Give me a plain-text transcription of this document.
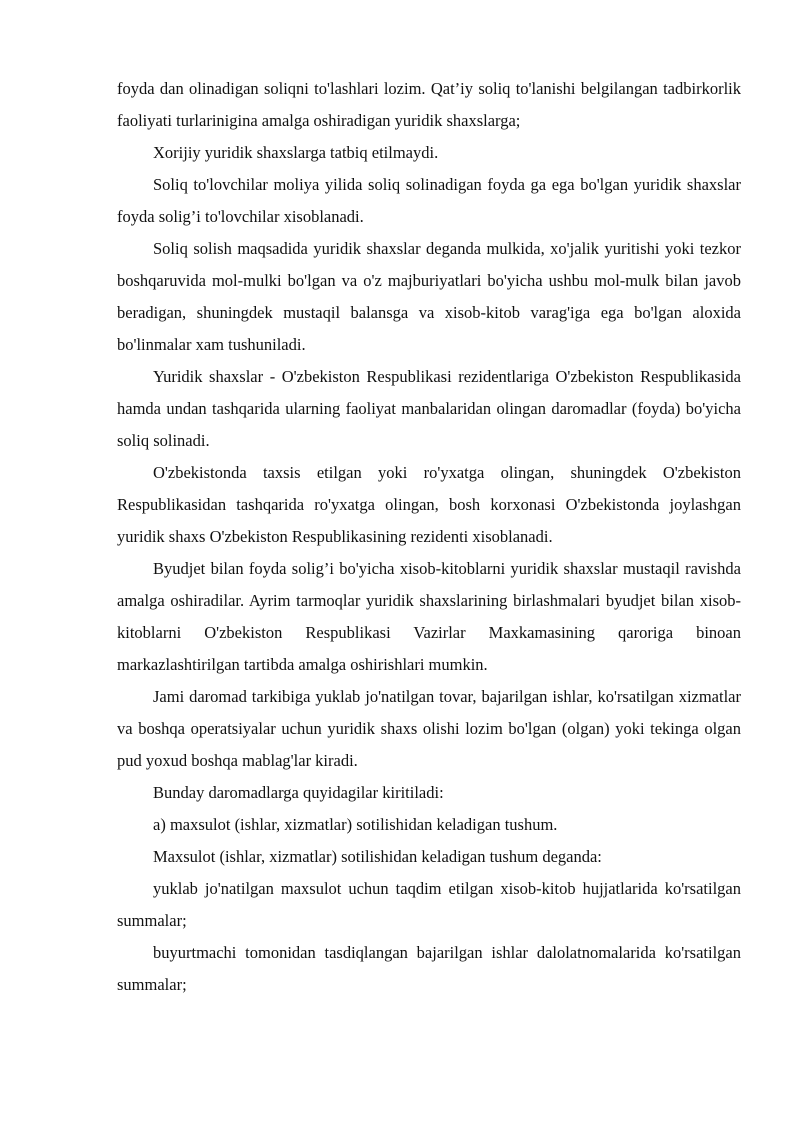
foyda dan olinadigan soliqni to'lashlari lozim. Qat’iy soliq to'lanishi belgilangan tadbirkorlik faoliyati turlarinigina amalga oshiradigan yuridik shaxslarga;

Xorijiy yuridik shaxslarga tatbiq etilmaydi.

Soliq to'lovchilar moliya yilida soliq solinadigan foyda ga ega bo'lgan yuridik shaxslar foyda solig’i to'lovchilar xisoblanadi.

Soliq solish maqsadida yuridik shaxslar deganda mulkida, xo'jalik yuritishi yoki tezkor boshqaruvida mol-mulki bo'lgan va o'z majburiyatlari bo'yicha ushbu mol-mulk bilan javob beradigan, shuningdek mustaqil balansga va xisob-kitob varag'iga ega bo'lgan aloxida bo'linmalar xam tushuniladi.

Yuridik shaxslar - O'zbekiston Respublikasi rezidentlariga O'zbekiston Respublikasida hamda undan tashqarida ularning faoliyat manbalaridan olingan daromadlar (foyda) bo'yicha soliq solinadi.

O'zbekistonda taxsis etilgan yoki ro'yxatga olingan, shuningdek O'zbekiston Respublikasidan tashqarida ro'yxatga olingan, bosh korxonasi O'zbekistonda joylashgan yuridik shaxs O'zbekiston Respublikasining rezidenti xisoblanadi.

Byudjet bilan foyda solig’i bo'yicha xisob-kitoblarni yuridik shaxslar mustaqil ravishda amalga oshiradilar. Ayrim tarmoqlar yuridik shaxslarining birlashmalari byudjet bilan xisob-kitoblarni O'zbekiston Respublikasi Vazirlar Maxkamasining qaroriga binoan markazlashtirilgan tartibda amalga oshirishlari mumkin.

Jami daromad tarkibiga yuklab jo'natilgan tovar, bajarilgan ishlar, ko'rsatilgan xizmatlar va boshqa operatsiyalar uchun yuridik shaxs olishi lozim bo'lgan (olgan) yoki tekinga olgan pud yoxud boshqa mablag'lar kiradi.

Bunday daromadlarga quyidagilar kiritiladi:

a) maxsulot (ishlar, xizmatlar) sotilishidan keladigan tushum.

Maxsulot (ishlar, xizmatlar) sotilishidan keladigan tushum deganda:

yuklab jo'natilgan maxsulot uchun taqdim etilgan xisob-kitob hujjatlarida ko'rsatilgan summalar;

buyurtmachi tomonidan tasdiqlangan bajarilgan ishlar dalolatnomalarida ko'rsatilgan summalar;
